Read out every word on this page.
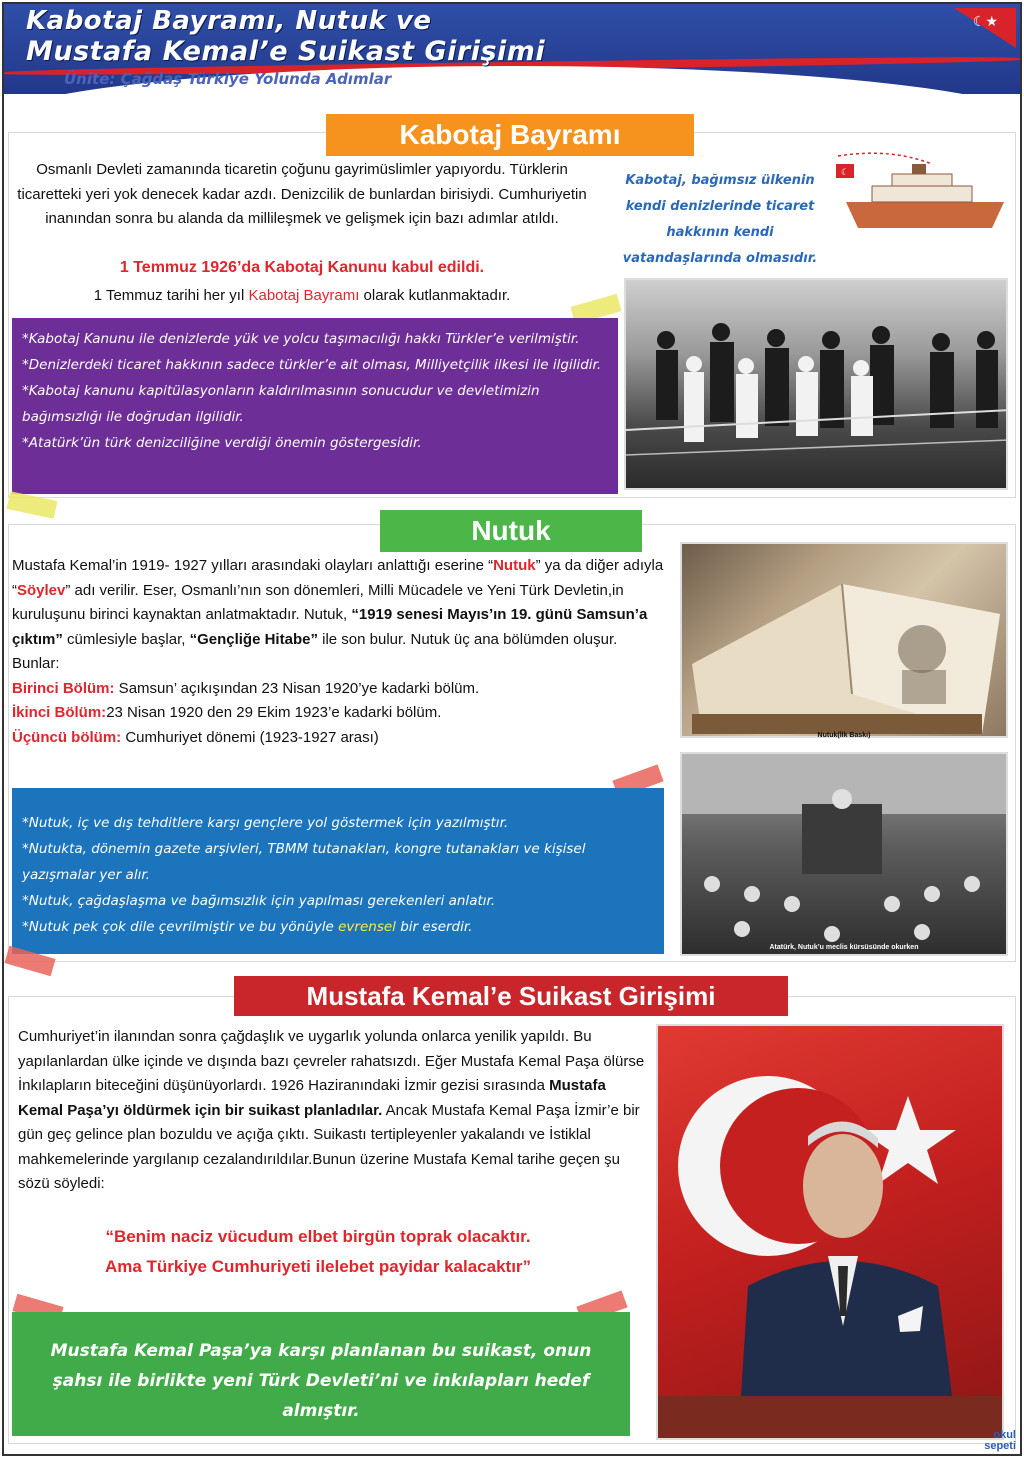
Kabotaj Bayramı, Nutuk ve
Mustafa Kemal’e Suikast Girişimi
Ünite: Çağdaş Türkiye Yolunda Adımlar
☾★
Kabotaj Bayramı
Osmanlı Devleti zamanında ticaretin çoğunu gayrimüslimler yapıyordu. Türklerin ticaretteki yeri yok denecek kadar azdı. Denizcilik de bunlardan birisiydi. Cumhuriyetin inanından sonra bu alanda da millileşmek ve gelişmek için bazı adımlar atıldı.
1 Temmuz 1926’da Kabotaj Kanunu kabul edildi.
1 Temmuz tarihi her yıl Kabotaj Bayramı olarak kutlanmaktadır.
Kabotaj, bağımsız ülkenin kendi denizlerinde ticaret hakkının kendi vatandaşlarında olmasıdır.
☾
*Kabotaj Kanunu ile denizlerde yük ve yolcu taşımacılığı hakkı Türkler’e verilmiştir.
*Denizlerdeki ticaret hakkının sadece türkler’e ait olması, Milliyetçilik ilkesi ile ilgilidir.
*Kabotaj kanunu kapitülasyonların kaldırılmasının sonucudur ve devletimizin bağımsızlığı ile doğrudan ilgilidir.
*Atatürk’ün türk denizciliğine verdiği önemin göstergesidir.
Nutuk
Mustafa Kemal’in 1919- 1927 yılları arasındaki olayları anlattığı eserine “Nutuk” ya da diğer adıyla “Söylev” adı verilir. Eser, Osmanlı’nın son dönemleri, Milli Mücadele ve Yeni Türk Devletin,in kuruluşunu birinci kaynaktan anlatmaktadır. Nutuk, “1919 senesi Mayıs’ın 19. günü Samsun’a çıktım” cümlesiyle başlar, “Gençliğe Hitabe” ile son bulur. Nutuk üç ana bölümden oluşur.
Bunlar:
Birinci Bölüm: Samsun’ açıkışından 23 Nisan 1920’ye kadarki bölüm.
İkinci Bölüm:23 Nisan 1920 den 29 Ekim 1923’e kadarki bölüm.
Üçüncü bölüm: Cumhuriyet dönemi (1923-1927 arası)	Nutuk(İlk Baskı)
*Nutuk, iç ve dış tehditlere karşı gençlere yol göstermek için yazılmıştır.
*Nutukta, dönemin gazete arşivleri, TBMM tutanakları, kongre tutanakları ve kişisel yazışmalar yer alır.
*Nutuk, çağdaşlaşma ve bağımsızlık için yapılması gerekenleri anlatır.
*Nutuk pek çok dile çevrilmiştir ve bu yönüyle evrensel bir eserdir.
Atatürk, Nutuk’u meclis kürsüsünde okurken
Mustafa Kemal’e Suikast Girişimi
Cumhuriyet’in ilanından sonra çağdaşlık ve uygarlık yolunda onlarca yenilik yapıldı. Bu yapılanlardan ülke içinde ve dışında bazı çevreler rahatsızdı. Eğer Mustafa Kemal Paşa ölürse İnkılapların biteceğini düşünüyorlardı. 1926 Haziranındaki İzmir gezisi sırasında Mustafa Kemal Paşa’yı öldürmek için bir suikast planladılar. Ancak Mustafa Kemal Paşa İzmir’e bir gün geç gelince plan bozuldu ve açığa çıktı. Suikastı tertipleyenler yakalandı ve İstiklal mahkemelerinde yargılanıp cezalandırıldılar.Bunun üzerine Mustafa Kemal tarihe geçen şu sözü söyledi:
“Benim naciz vücudum elbet birgün toprak olacaktır.
Ama Türkiye Cumhuriyeti ilelebet payidar kalacaktır”
Mustafa Kemal Paşa’ya karşı planlanan bu suikast, onun şahsı ile birlikte yeni Türk Devleti’ni ve inkılapları hedef almıştır.
okul
sepeti
